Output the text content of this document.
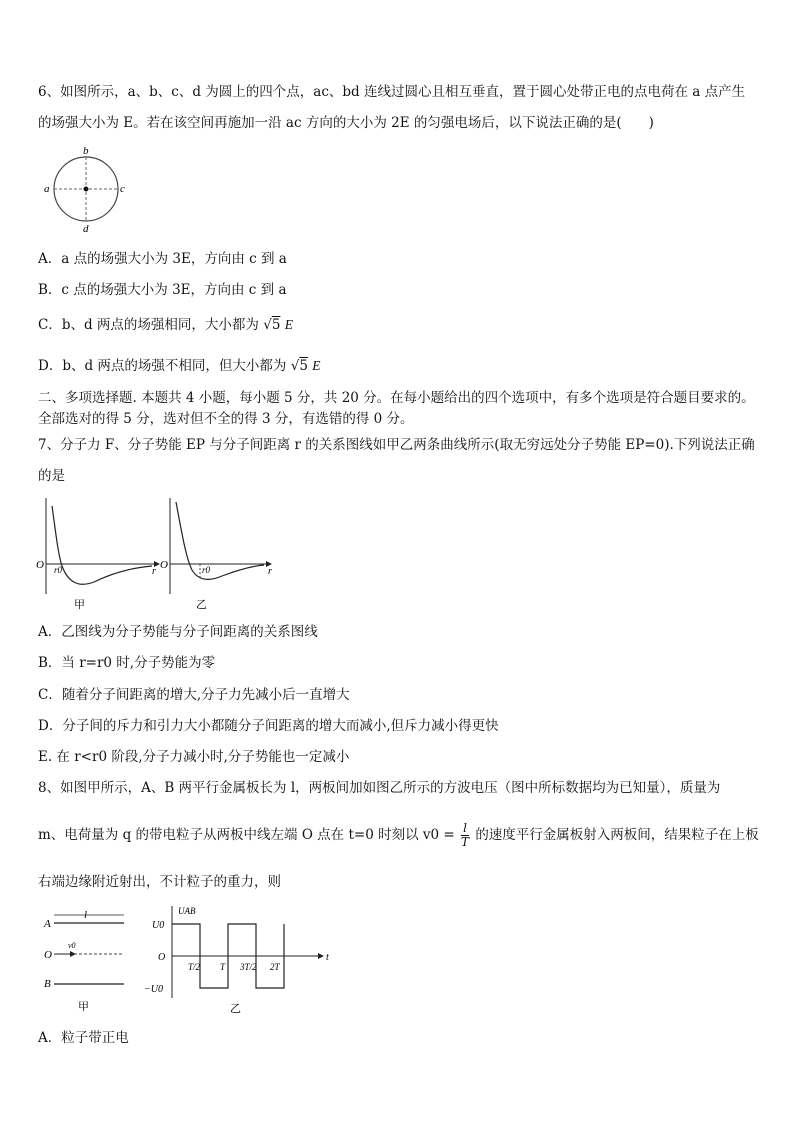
6、如图所示，a、b、c、d 为圆上的四个点，ac、bd 连线过圆心且相互垂直，置于圆心处带正电的点电荷在 a 点产生
的场强大小为 E。若在该空间再施加一沿 ac 方向的大小为 2E 的匀强电场后，以下说法正确的是(　　)
b
a	c
d
A．a 点的场强大小为 3E，方向由 c 到 a
B．c 点的场强大小为 3E，方向由 c 到 a
C．b、d 两点的场强相同，大小都为 √5 E
D．b、d 两点的场强不相同，但大小都为 √5 E
二、多项选择题. 本题共 4 小题，每小题 5 分，共 20 分。在每小题给出的四个选项中，有多个选项是符合题目要求的。
全部选对的得 5 分，选对但不全的得 3 分，有选错的得 0 分。
7、分子力 F、分子势能 EP 与分子间距离 r 的关系图线如甲乙两条曲线所示(取无穷远处分子势能 EP=0).下列说法正确
的是
O r0	r
甲
O	r0	r
乙
A．乙图线为分子势能与分子间距离的关系图线
B．当 r=r0 时,分子势能为零
C．随着分子间距离的增大,分子力先减小后一直增大
D．分子间的斥力和引力大小都随分子间距离的增大而减小,但斥力减小得更快
E. 在 r<r0 阶段,分子力减小时,分子势能也一定减小
8、如图甲所示，A、B 两平行金属板长为 l，两板间加如图乙所示的方波电压（图中所标数据均为已知量），质量为
m、电荷量为 q 的带电粒子从两板中线左端 O 点在 t=0 时刻以 $v0 = \frac{l}{T}$ 的速度平行金属板射入两板间，结果粒子在上板
右端边缘附近射出，不计粒子的重力，则
A
l
O
v0
B
甲
UAB
U0
O
−U0
T/2 T 3T/2 2T
t
乙
A．粒子带正电
